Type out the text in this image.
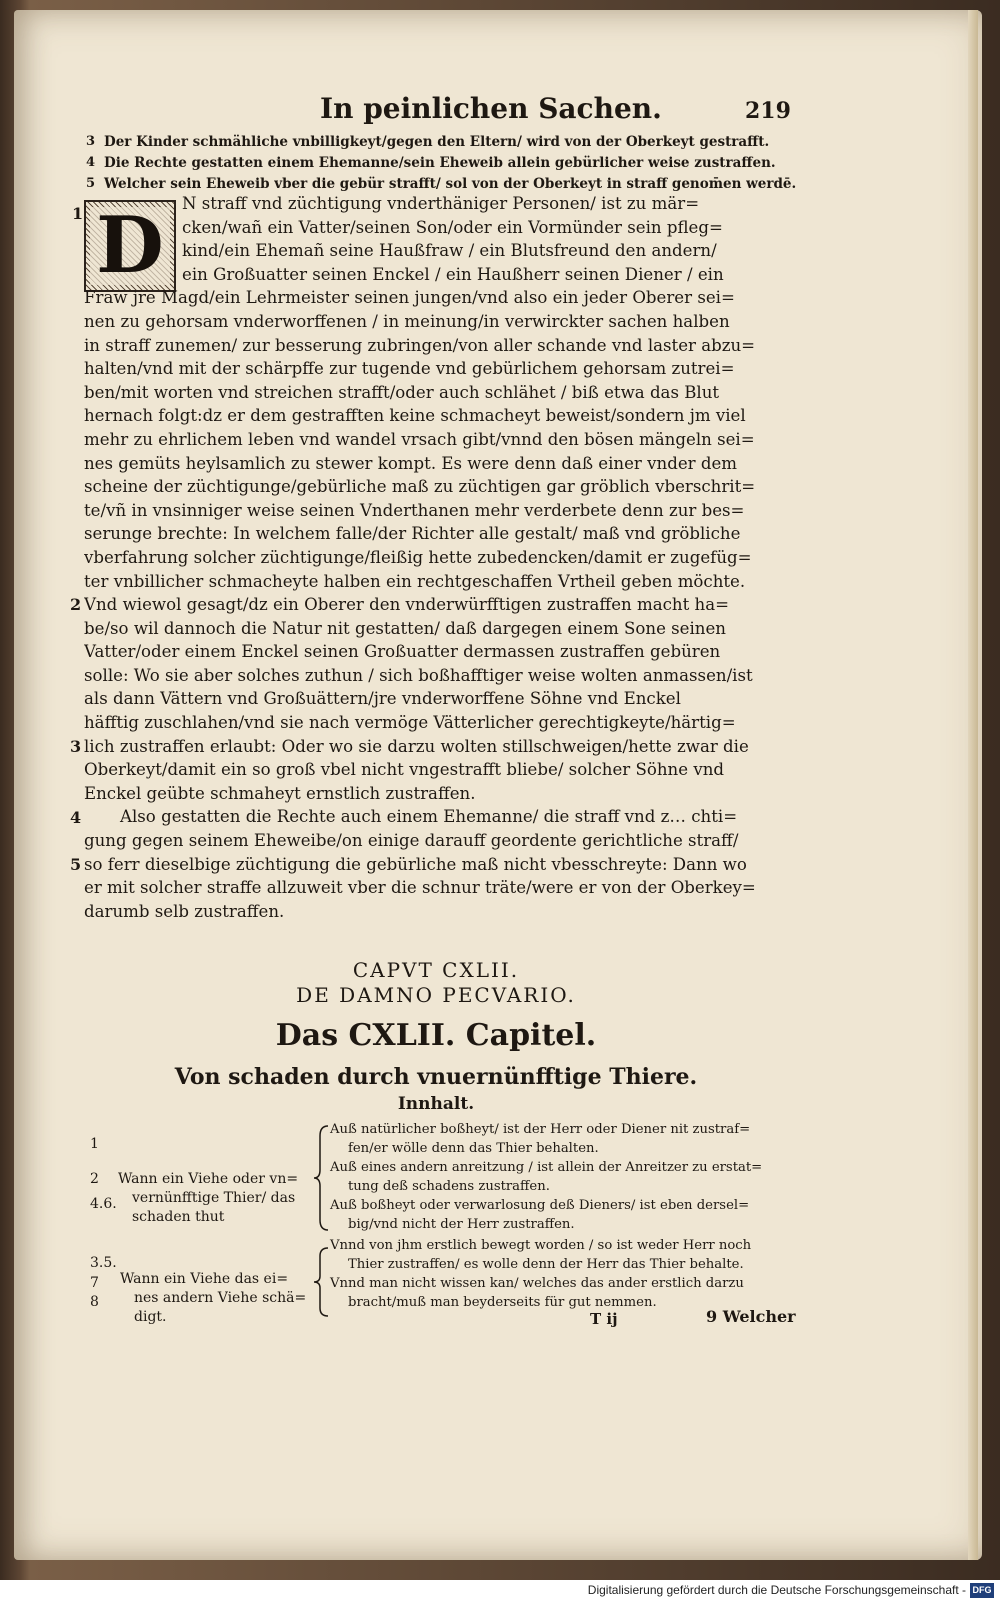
In peinlichen Sachen.	219
3 Der Kinder schmähliche vnbilligkeyt/gegen den Eltern/ wird von der Oberkeyt gestrafft.
4 Die Rechte gestatten einem Ehemanne/sein Eheweib allein gebürlicher weise zustraffen.
5 Welcher sein Eheweib vber die gebür strafft/ sol von der Oberkeyt in straff genom̄en werdē.
1 D	N straff vnd züchtigung vnderthäniger Personen/ ist zu mär=
cken/wañ ein Vatter/seinen Son/oder ein Vormünder sein pfleg=
kind/ein Ehemañ seine Haußfraw / ein Blutsfreund den andern/
ein Großuatter seinen Enckel / ein Haußherr seinen Diener / ein
Fraw jre Magd/ein Lehrmeister seinen jungen/vnd also ein jeder Oberer sei=
nen zu gehorsam vnderworffenen / in meinung/in verwirckter sachen halben
in straff zunemen/ zur besserung zubringen/von aller schande vnd laster abzu=
halten/vnd mit der schärpffe zur tugende vnd gebürlichem gehorsam zutrei=
ben/mit worten vnd streichen strafft/oder auch schlähet / biß etwa das Blut
hernach folgt:dz er dem gestrafften keine schmacheyt beweist/sondern jm viel
mehr zu ehrlichem leben vnd wandel vrsach gibt/vnnd den bösen mängeln sei=
nes gemüts heylsamlich zu stewer kompt. Es were denn daß einer vnder dem
scheine der züchtigunge/gebürliche maß zu züchtigen gar gröblich vberschrit=
te/vñ in vnsinniger weise seinen Vnderthanen mehr verderbete denn zur bes=
serunge brechte: In welchem falle/der Richter alle gestalt/ maß vnd gröbliche
vberfahrung solcher züchtigunge/fleißig hette zubedencken/damit er zugefüg=
ter vnbillicher schmacheyte halben ein rechtgeschaffen Vrtheil geben möchte.
Vnd wiewol gesagt/dz ein Oberer den vnderwürfftigen zustraffen macht ha=
be/so wil dannoch die Natur nit gestatten/ daß dargegen einem Sone seinen
Vatter/oder einem Enckel seinen Großuatter dermassen zustraffen gebüren
solle: Wo sie aber solches zuthun / sich boßhafftiger weise wolten anmassen/ist
als dann Vättern vnd Großuättern/jre vnderworffene Söhne vnd Enckel
häfftig zuschlahen/vnd sie nach vermöge Vätterlicher gerechtigkeyte/härtig=
lich zustraffen erlaubt: Oder wo sie darzu wolten stillschweigen/hette zwar die
Oberkeyt/damit ein so groß vbel nicht vngestrafft bliebe/ solcher Söhne vnd
Enckel geübte schmaheyt ernstlich zustraffen.
Also gestatten die Rechte auch einem Ehemanne/ die straff vnd z… chti=
gung gegen seinem Eheweibe/on einige darauff geordente gerichtliche straff/
so ferr dieselbige züchtigung die gebürliche maß nicht vbesschreyte: Dann wo
er mit solcher straffe allzuweit vber die schnur träte/were er von der Oberkey=
darumb selb zustraffen.
2
3
4
5
CAPVT CXLII.
DE DAMNO PECVARIO.
Das CXLII. Capitel.
Von schaden durch vnuernünfftige Thiere.
Innhalt.
1
2
4.6.
Wann ein Viehe oder vn=
vernünfftige Thier/ das
schaden thut
Auß natürlicher boßheyt/ ist der Herr oder Diener nit zustraf=
fen/er wölle denn das Thier behalten.
Auß eines andern anreitzung / ist allein der Anreitzer zu erstat=
tung deß schadens zustraffen.
Auß boßheyt oder verwarlosung deß Dieners/ ist eben dersel=
big/vnd nicht der Herr zustraffen.
3.5.
7
8
Wann ein Viehe das ei=
nes andern Viehe schä=
digt.
Vnnd von jhm erstlich bewegt worden / so ist weder Herr noch
Thier zustraffen/ es wolle denn der Herr das Thier behalte.
Vnnd man nicht wissen kan/ welches das ander erstlich darzu
bracht/muß man beyderseits für gut nemmen.
T ij	9 Welcher
Digitalisierung gefördert durch die Deutsche Forschungsgemeinschaft - DFG
